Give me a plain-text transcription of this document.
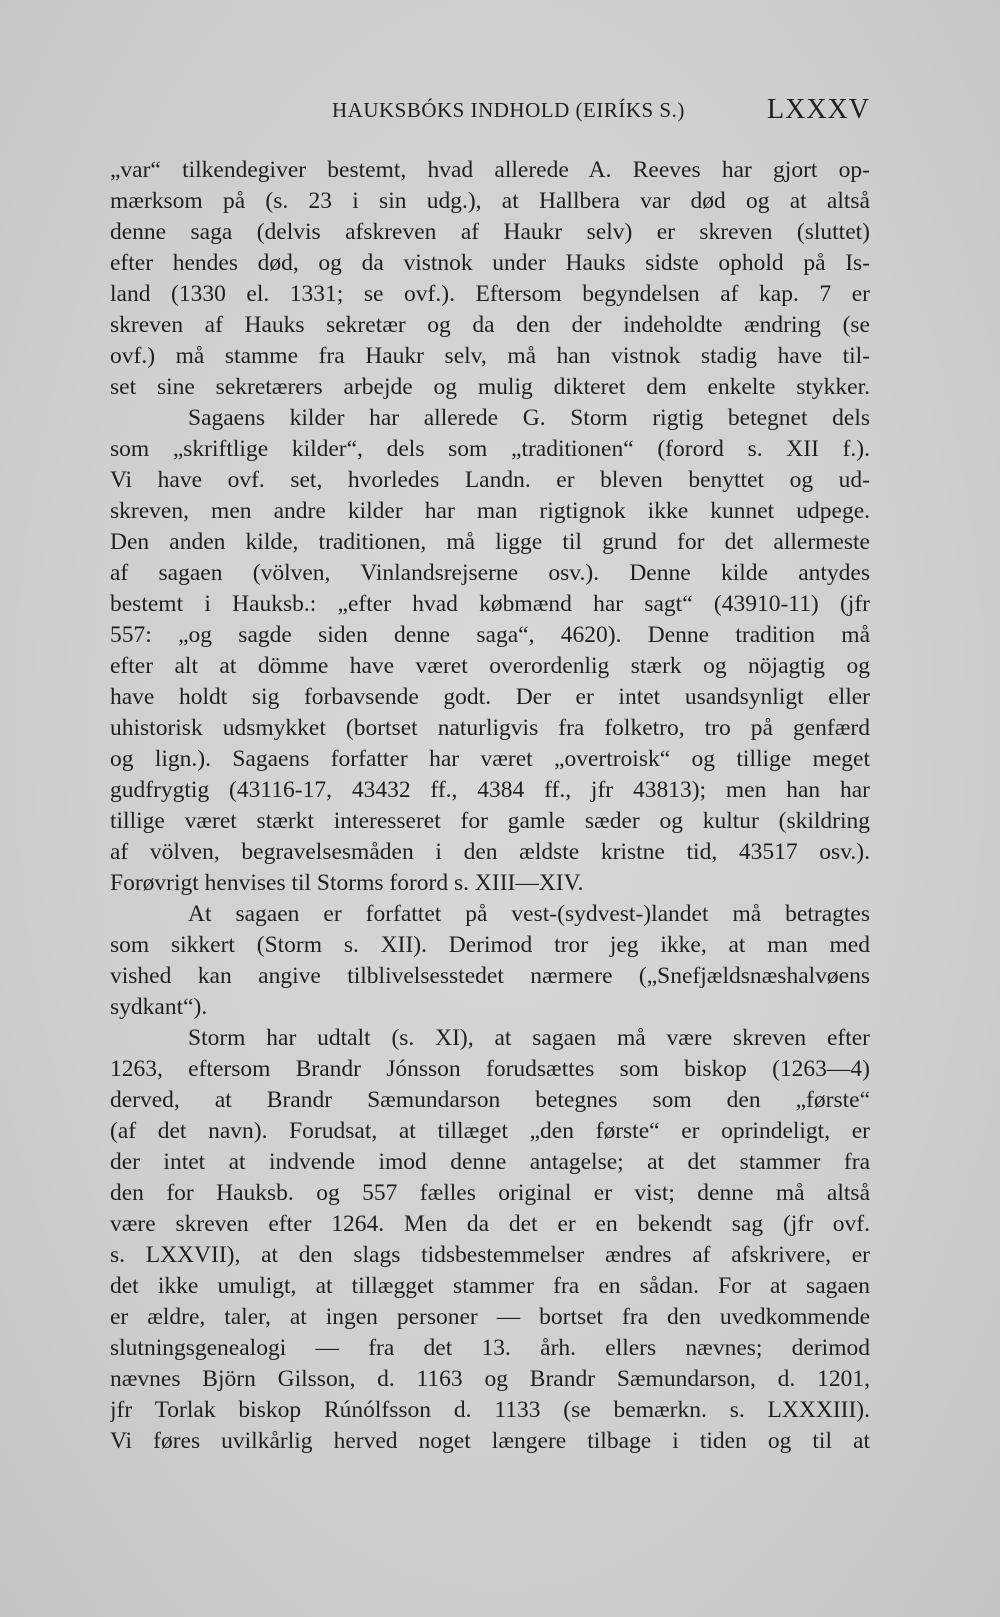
HAUKSBÓKS INDHOLD (EIRÍKS S.)	LXXXV
„var“ tilkendegiver bestemt, hvad allerede A. Reeves har gjort op-
mærksom på (s. 23 i sin udg.), at Hallbera var død og at altså
denne saga (delvis afskreven af Haukr selv) er skreven (sluttet)
efter hendes død, og da vistnok under Hauks sidste ophold på Is-
land (1330 el. 1331; se ovf.). Eftersom begyndelsen af kap. 7 er
skreven af Hauks sekretær og da den der indeholdte ændring (se
ovf.) må stamme fra Haukr selv, må han vistnok stadig have til-
set sine sekretærers arbejde og mulig dikteret dem enkelte stykker.
Sagaens kilder har allerede G. Storm rigtig betegnet dels
som „skriftlige kilder“, dels som „traditionen“ (forord s. XII f.).
Vi have ovf. set, hvorledes Landn. er bleven benyttet og ud-
skreven, men andre kilder har man rigtignok ikke kunnet udpege.
Den anden kilde, traditionen, må ligge til grund for det allermeste
af sagaen (völven, Vinlandsrejserne osv.). Denne kilde antydes
bestemt i Hauksb.: „efter hvad købmænd har sagt“ (43910-11) (jfr
557: „og sagde siden denne saga“, 4620). Denne tradition må
efter alt at dömme have været overordenlig stærk og nöjagtig og
have holdt sig forbavsende godt. Der er intet usandsynligt eller
uhistorisk udsmykket (bortset naturligvis fra folketro, tro på genfærd
og lign.). Sagaens forfatter har været „overtroisk“ og tillige meget
gudfrygtig (43116-17, 43432 ff., 4384 ff., jfr 43813); men han har
tillige været stærkt interesseret for gamle sæder og kultur (skildring
af völven, begravelsesmåden i den ældste kristne tid, 43517 osv.).
Forøvrigt henvises til Storms forord s. XIII—XIV.
At sagaen er forfattet på vest-(sydvest-)landet må betragtes
som sikkert (Storm s. XII). Derimod tror jeg ikke, at man med
vished kan angive tilblivelsesstedet nærmere („Snefjældsnæshalvøens
sydkant“).
Storm har udtalt (s. XI), at sagaen må være skreven efter
1263, eftersom Brandr Jónsson forudsættes som biskop (1263—4)
derved, at Brandr Sæmundarson betegnes som den „første“
(af det navn). Forudsat, at tillæget „den første“ er oprindeligt, er
der intet at indvende imod denne antagelse; at det stammer fra
den for Hauksb. og 557 fælles original er vist; denne må altså
være skreven efter 1264. Men da det er en bekendt sag (jfr ovf.
s. LXXVII), at den slags tidsbestemmelser ændres af afskrivere, er
det ikke umuligt, at tillægget stammer fra en sådan. For at sagaen
er ældre, taler, at ingen personer — bortset fra den uvedkommende
slutningsgenealogi — fra det 13. årh. ellers nævnes; derimod
nævnes Björn Gilsson, d. 1163 og Brandr Sæmundarson, d. 1201,
jfr Torlak biskop Rúnólfsson d. 1133 (se bemærkn. s. LXXXIII).
Vi føres uvilkårlig herved noget længere tilbage i tiden og til at
